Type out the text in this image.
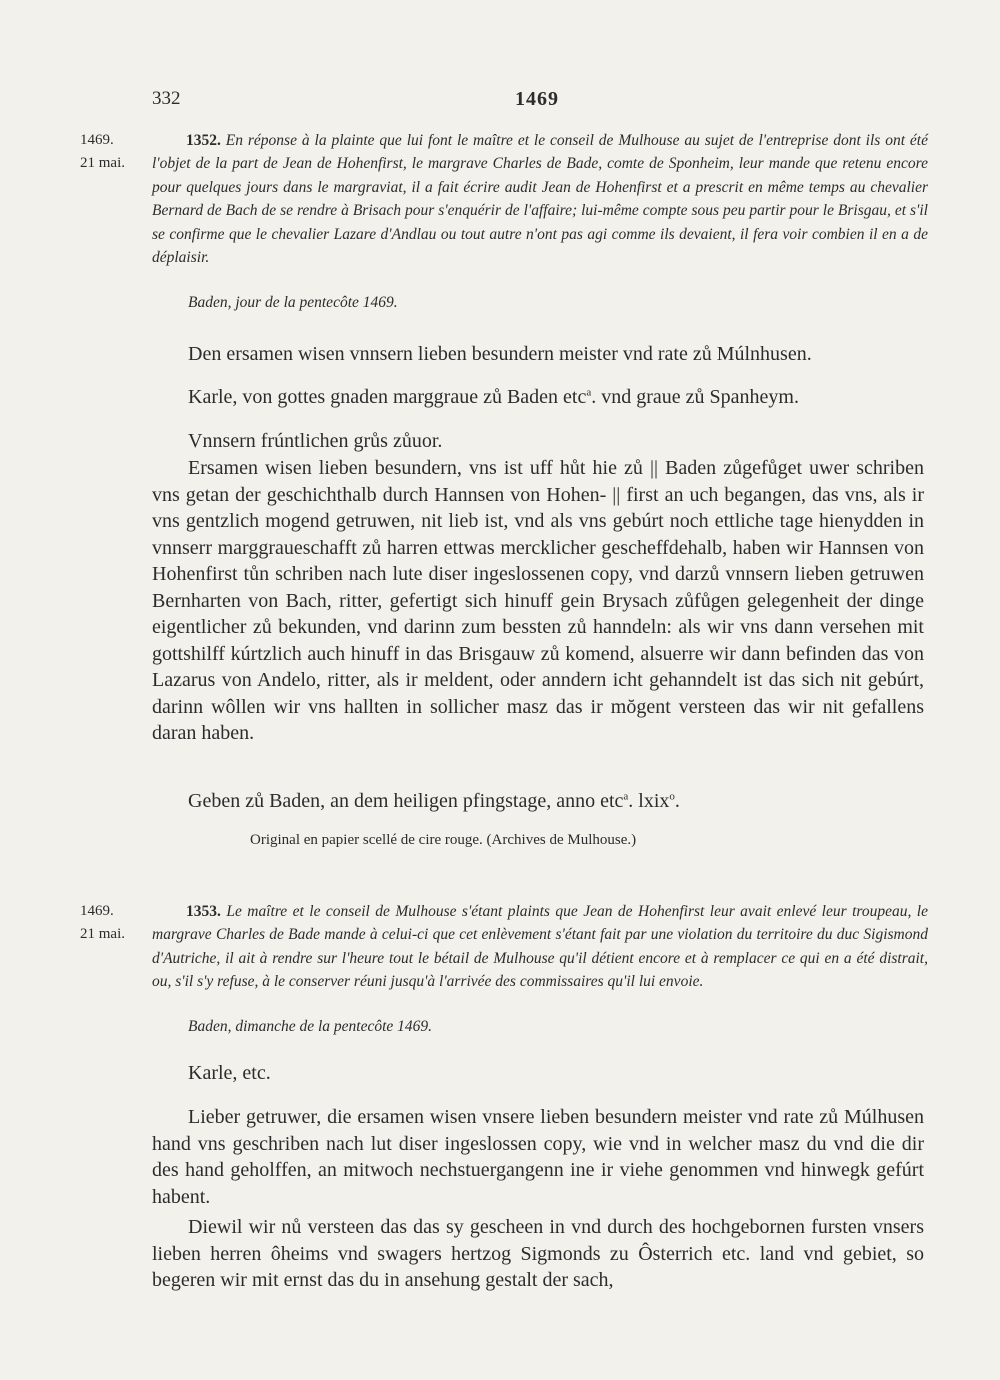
332	1469
1469.
21 mai.

1352. En réponse à la plainte que lui font le maître et le conseil de Mulhouse au sujet de l'entreprise dont ils ont été l'objet de la part de Jean de Hohenfirst, le margrave Charles de Bade, comte de Sponheim, leur mande que retenu encore pour quelques jours dans le margraviat, il a fait écrire audit Jean de Hohenfirst et a prescrit en même temps au chevalier Bernard de Bach de se rendre à Brisach pour s'enquérir de l'affaire; lui-même compte sous peu partir pour le Brisgau, et s'il se confirme que le chevalier Lazare d'Andlau ou tout autre n'ont pas agi comme ils devaient, il fera voir combien il en a de déplaisir.

Baden, jour de la pentecôte 1469.
Den ersamen wisen vnnsern lieben besundern meister vnd rate zů Múlnhusen.
Karle, von gottes gnaden marggraue zů Baden etc$^a$. vnd graue zů Spanheym.
Vnnsern frúntlichen grůs zůuor.

Ersamen wisen lieben besundern, vns ist uff hůt hie zů || Baden zůgefůget uwer schriben vns getan der geschichthalb durch Hannsen von Hohen- || first an uch begangen, das vns, als ir vns gentzlich mogend getruwen, nit lieb ist, vnd als vns gebúrt noch ettliche tage hienydden in vnnserr marggraueschafft zů harren ettwas mercklicher gescheffdehalb, haben wir Hannsen von Hohenfirst tůn schriben nach lute diser ingeslossenen copy, vnd darzů vnnsern lieben getruwen Bernharten von Bach, ritter, gefertigt sich hinuff gein Brysach zůfůgen gelegenheit der dinge eigentlicher zů bekunden, vnd darinn zum bessten zů hanndeln: als wir vns dann versehen mit gottshilff kúrtzlich auch hinuff in das Brisgauw zů komend, alsuerre wir dann befinden das von Lazarus von Andelo, ritter, als ir meldent, oder anndern icht gehanndelt ist das sich nit gebúrt, darinn wôllen wir vns hallten in sollicher masz das ir mŏgent versteen das wir nit gefallens daran haben.

Geben zů Baden, an dem heiligen pfingstage, anno etc$^a$. lxix$^o$.
Original en papier scellé de cire rouge. (Archives de Mulhouse.)
1469.
21 mai.

1353. Le maître et le conseil de Mulhouse s'étant plaints que Jean de Hohenfirst leur avait enlevé leur troupeau, le margrave Charles de Bade mande à celui-ci que cet enlèvement s'étant fait par une violation du territoire du duc Sigismond d'Autriche, il ait à rendre sur l'heure tout le bétail de Mulhouse qu'il détient encore et à remplacer ce qui en a été distrait, ou, s'il s'y refuse, à le conserver réuni jusqu'à l'arrivée des commissaires qu'il lui envoie.

Baden, dimanche de la pentecôte 1469.
Karle, etc.

Lieber getruwer, die ersamen wisen vnsere lieben besundern meister vnd rate zů Múlhusen hand vns geschriben nach lut diser ingeslossen copy, wie vnd in welcher masz du vnd die dir des hand geholffen, an mitwoch nechstuergangenn ine ir viehe genommen vnd hinwegk gefúrt habent.

Diewil wir nů versteen das das sy gescheen in vnd durch des hochgebornen fursten vnsers lieben herren ôheims vnd swagers hertzog Sigmonds zu Ôsterrich etc. land vnd gebiet, so begeren wir mit ernst das du in ansehung gestalt der sach,
